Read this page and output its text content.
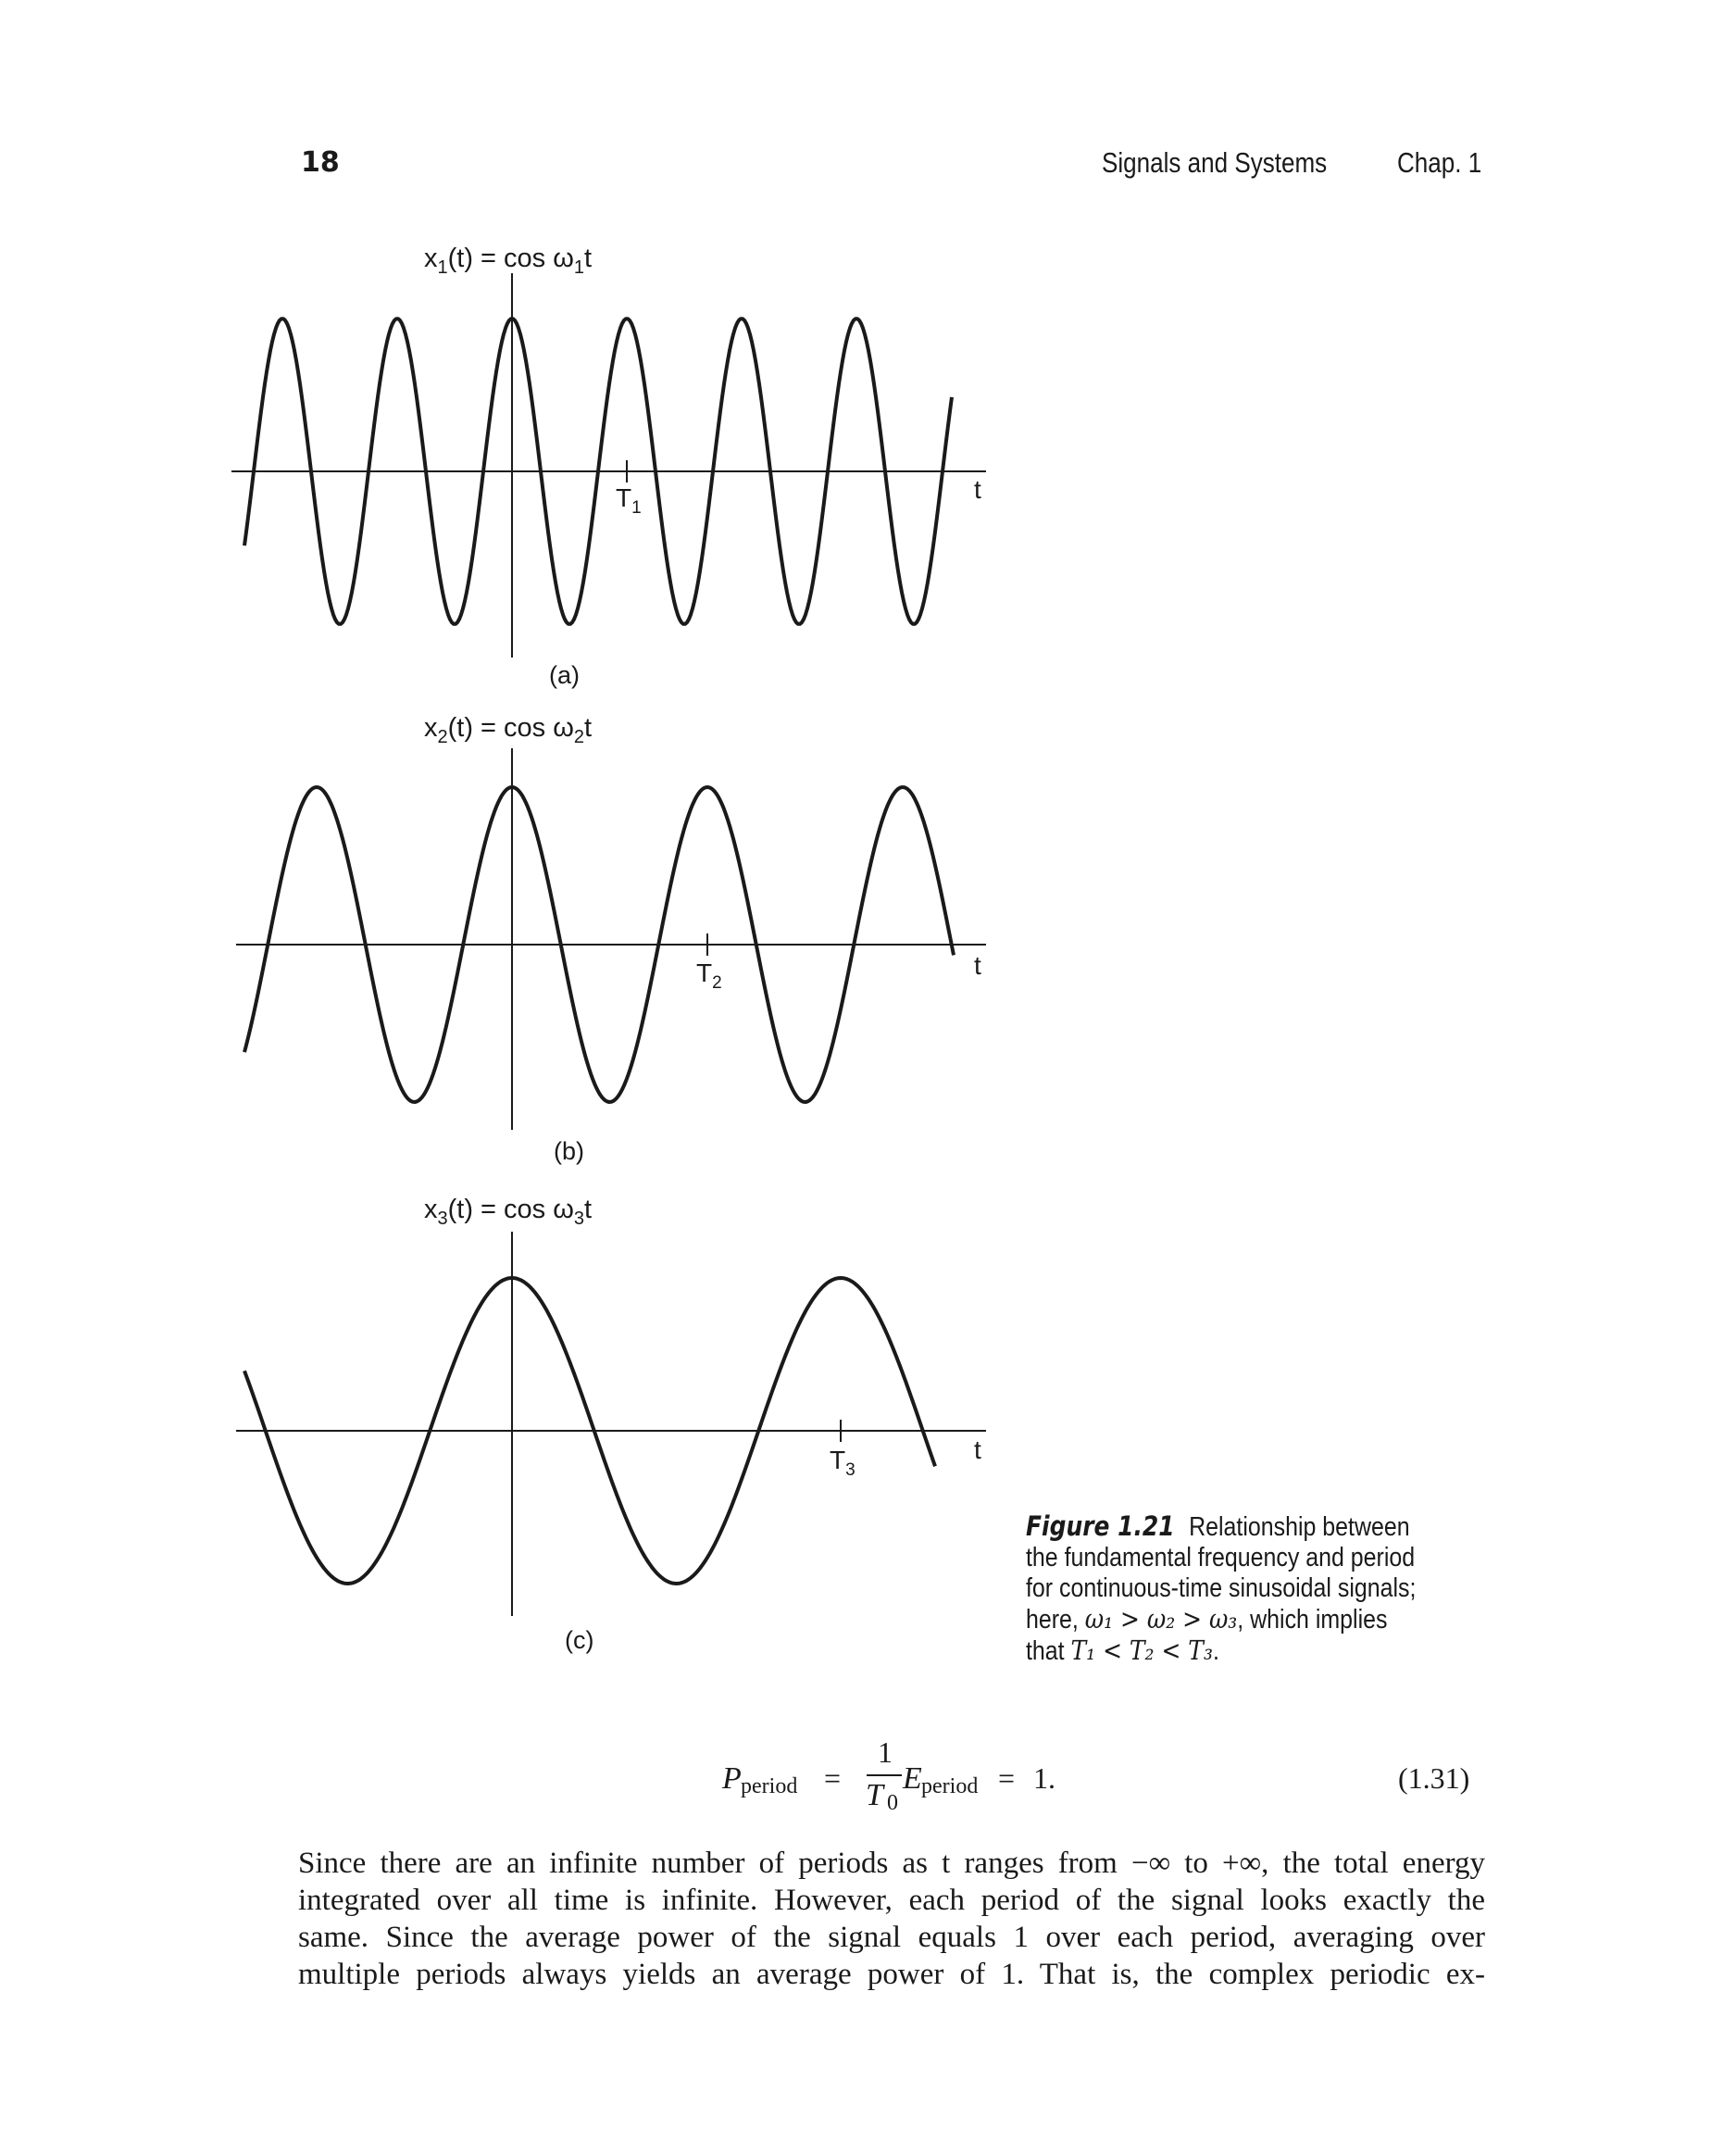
18	Signals and Systems Chap. 1
$x_1(t) = \cos \omega_1t$
$T_1$
t
(a)
$x_2(t) = \cos \omega_2t$
$T_2$
t
(b)
$x_3(t) = \cos \omega_3t$
$T_3$
t
(c)
Figure 1.21 Relationship between
the fundamental frequency and period
for continuous-time sinusoidal signals;
here, ω₁ > ω₂ > ω₃, which implies
that T₁ < T₂ < T₃.
P period =
1
T 0
E period = 1.	(1.31)
Since there are an infinite number of periods as t ranges from −∞ to +∞, the total energy
integrated over all time is infinite. However, each period of the signal looks exactly the
same. Since the average power of the signal equals 1 over each period, averaging over
multiple periods always yields an average power of 1. That is, the complex periodic ex-
